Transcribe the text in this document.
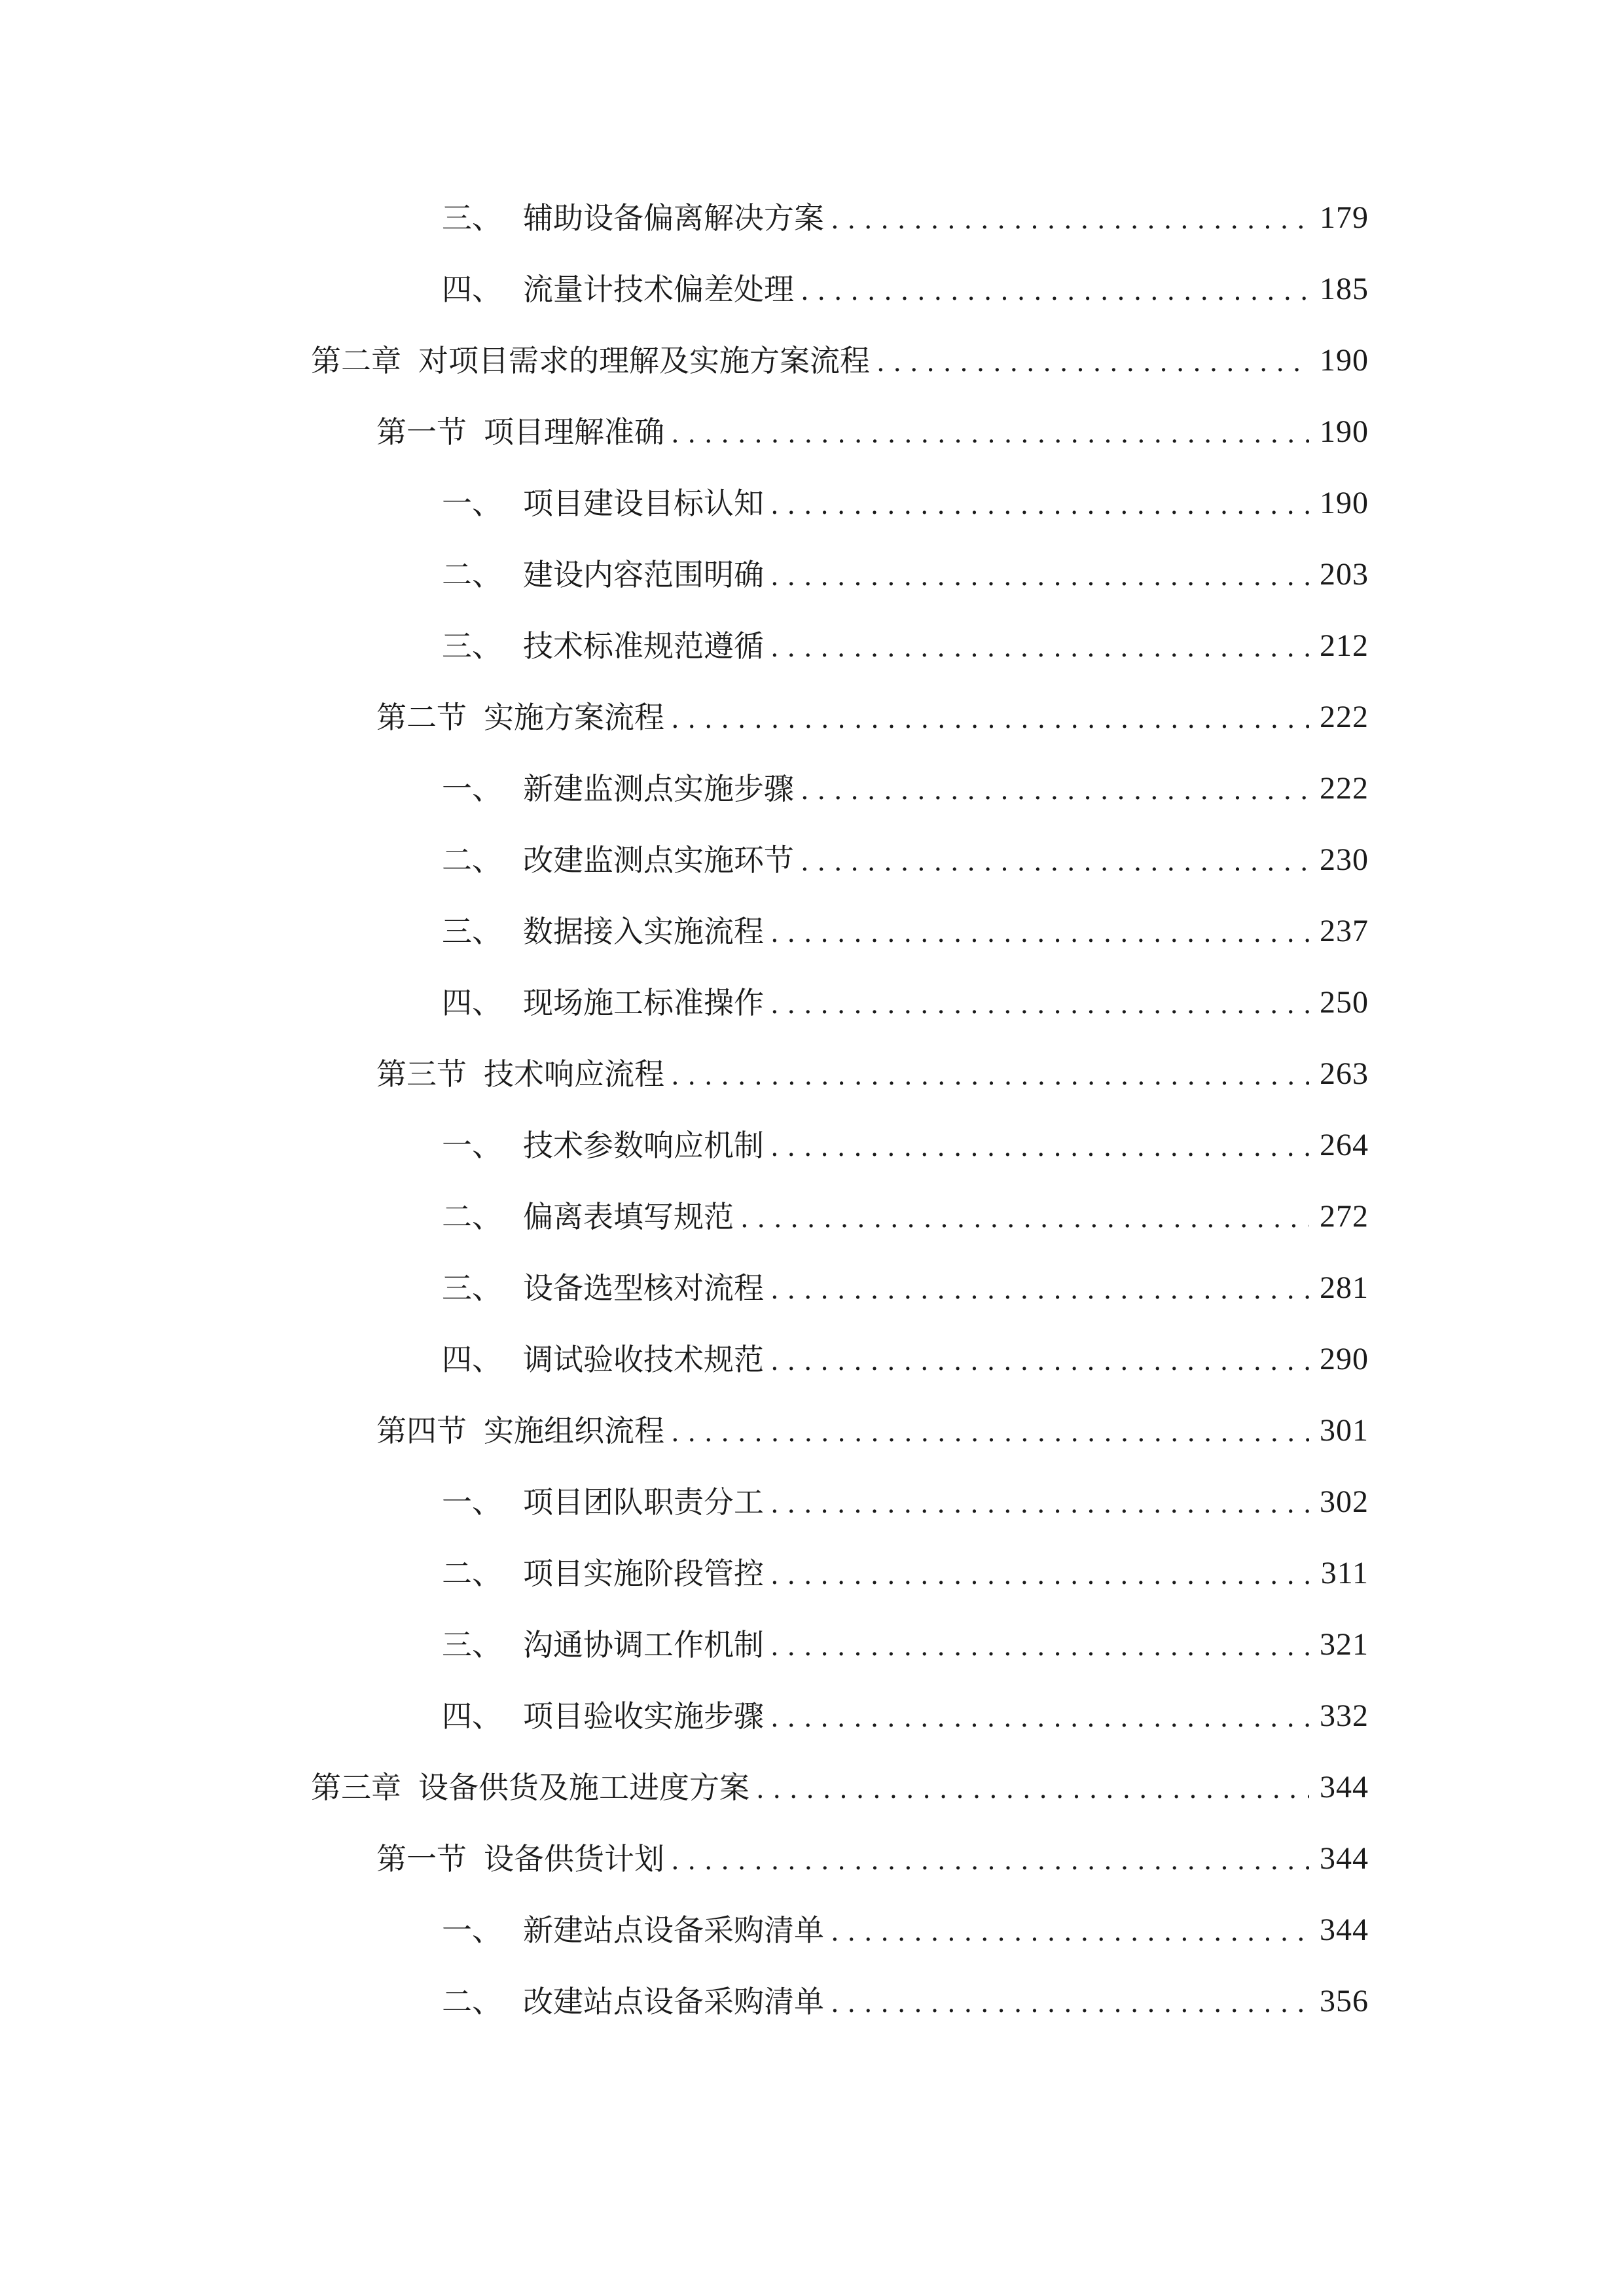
三、 辅助设备偏离解决方案 . . .	179
四、 流量计技术偏差处理 . . .	185
第二章 对项目需求的理解及实施方案流程 . . .	190
第一节 项目理解准确 . . .	190
一、 项目建设目标认知 . . .	190
二、 建设内容范围明确 . . .	203
三、 技术标准规范遵循 . . .	212
第二节 实施方案流程 . . .	222
一、 新建监测点实施步骤 . . .	222
二、 改建监测点实施环节 . . .	230
三、 数据接入实施流程 . . .	237
四、 现场施工标准操作 . . .	250
第三节 技术响应流程 . . .	263
一、 技术参数响应机制 . . .	264
二、 偏离表填写规范 . . .	272
三、 设备选型核对流程 . . .	281
四、 调试验收技术规范 . . .	290
第四节 实施组织流程 . . .	301
一、 项目团队职责分工 . . .	302
二、 项目实施阶段管控 . . .	311
三、 沟通协调工作机制 . . .	321
四、 项目验收实施步骤 . . .	332
第三章 设备供货及施工进度方案 . . .	344
第一节 设备供货计划 . . .	344
一、 新建站点设备采购清单 . . .	344
二、 改建站点设备采购清单 . . .	356
